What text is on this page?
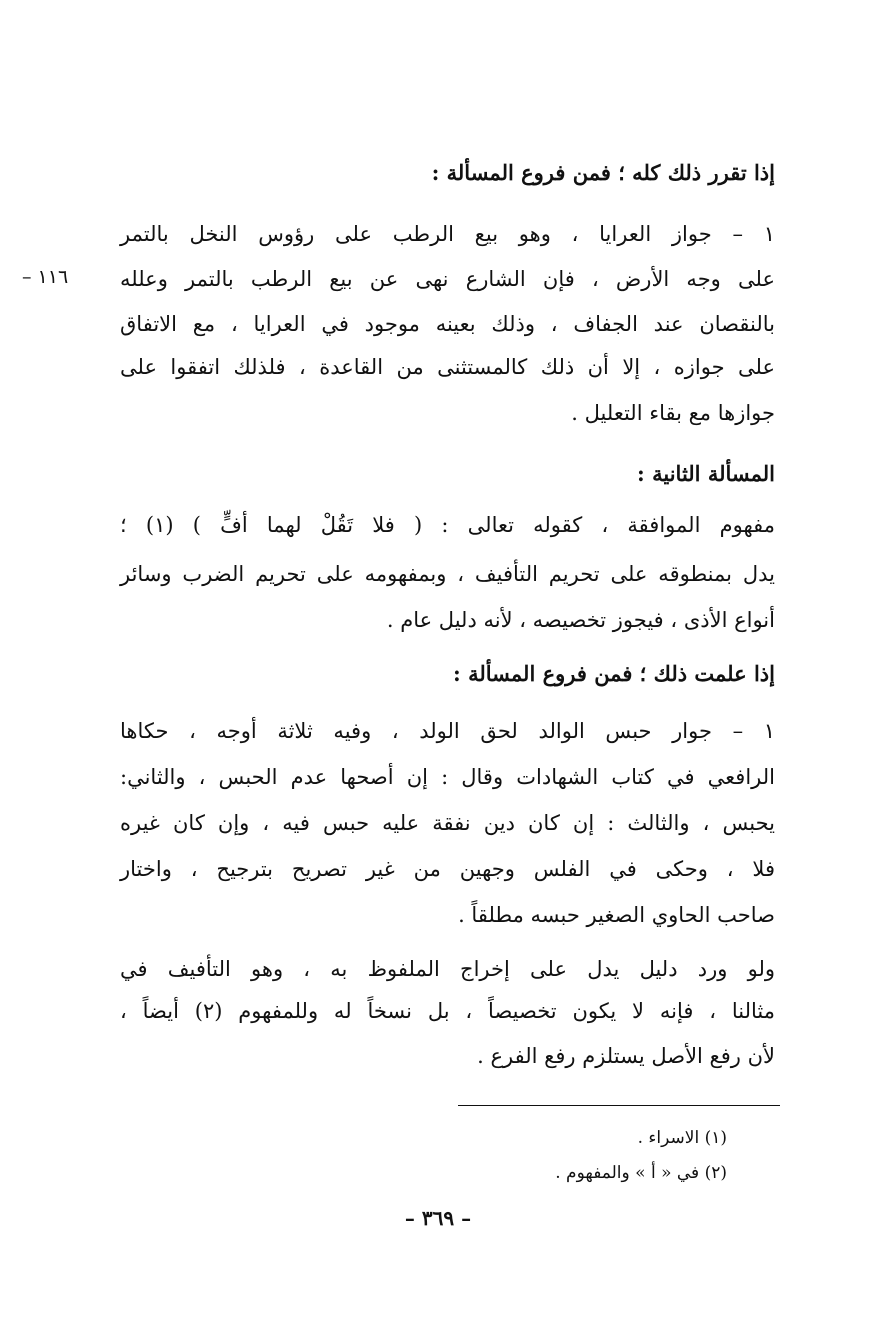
١١٦ –
إذا تقرر ذلك كله ؛ فمن فروع المسألة :
١ – جواز العرايا ، وهو بيع الرطب على رؤوس النخل بالتمر
على وجه الأرض ، فإن الشارع نهى عن بيع الرطب بالتمر وعلله
بالنقصان عند الجفاف ، وذلك بعينه موجود في العرايا ، مع الاتفاق
على جوازه ، إلا أن ذلك كالمستثنى من القاعدة ، فلذلك اتفقوا على
جوازها مع بقاء التعليل .
المسألة الثانية :
مفهوم الموافقة ، كقوله تعالى : ( فلا تَقُلْ لهما أفٍّ ) (١) ؛
يدل بمنطوقه على تحريم التأفيف ، وبمفهومه على تحريم الضرب وسائر
أنواع الأذى ، فيجوز تخصيصه ، لأنه دليل عام .
إذا علمت ذلك ؛ فمن فروع المسألة :
١ – جوار حبس الوالد لحق الولد ، وفيه ثلاثة أوجه ، حكاها
الرافعي في كتاب الشهادات وقال : إن أصحها عدم الحبس ، والثاني:
يحبس ، والثالث : إن كان دين نفقة عليه حبس فيه ، وإن كان غيره
فلا ، وحكى في الفلس وجهين من غير تصريح بترجيح ، واختار
صاحب الحاوي الصغير حبسه مطلقاً .
ولو ورد دليل يدل على إخراج الملفوظ به ، وهو التأفيف في
مثالنا ، فإنه لا يكون تخصيصاً ، بل نسخاً له وللمفهوم (٢) أيضاً ،
لأن رفع الأصل يستلزم رفع الفرع .
(١) الاسراء .
(٢) في « أ » والمفهوم .
– ٣٦٩ –
